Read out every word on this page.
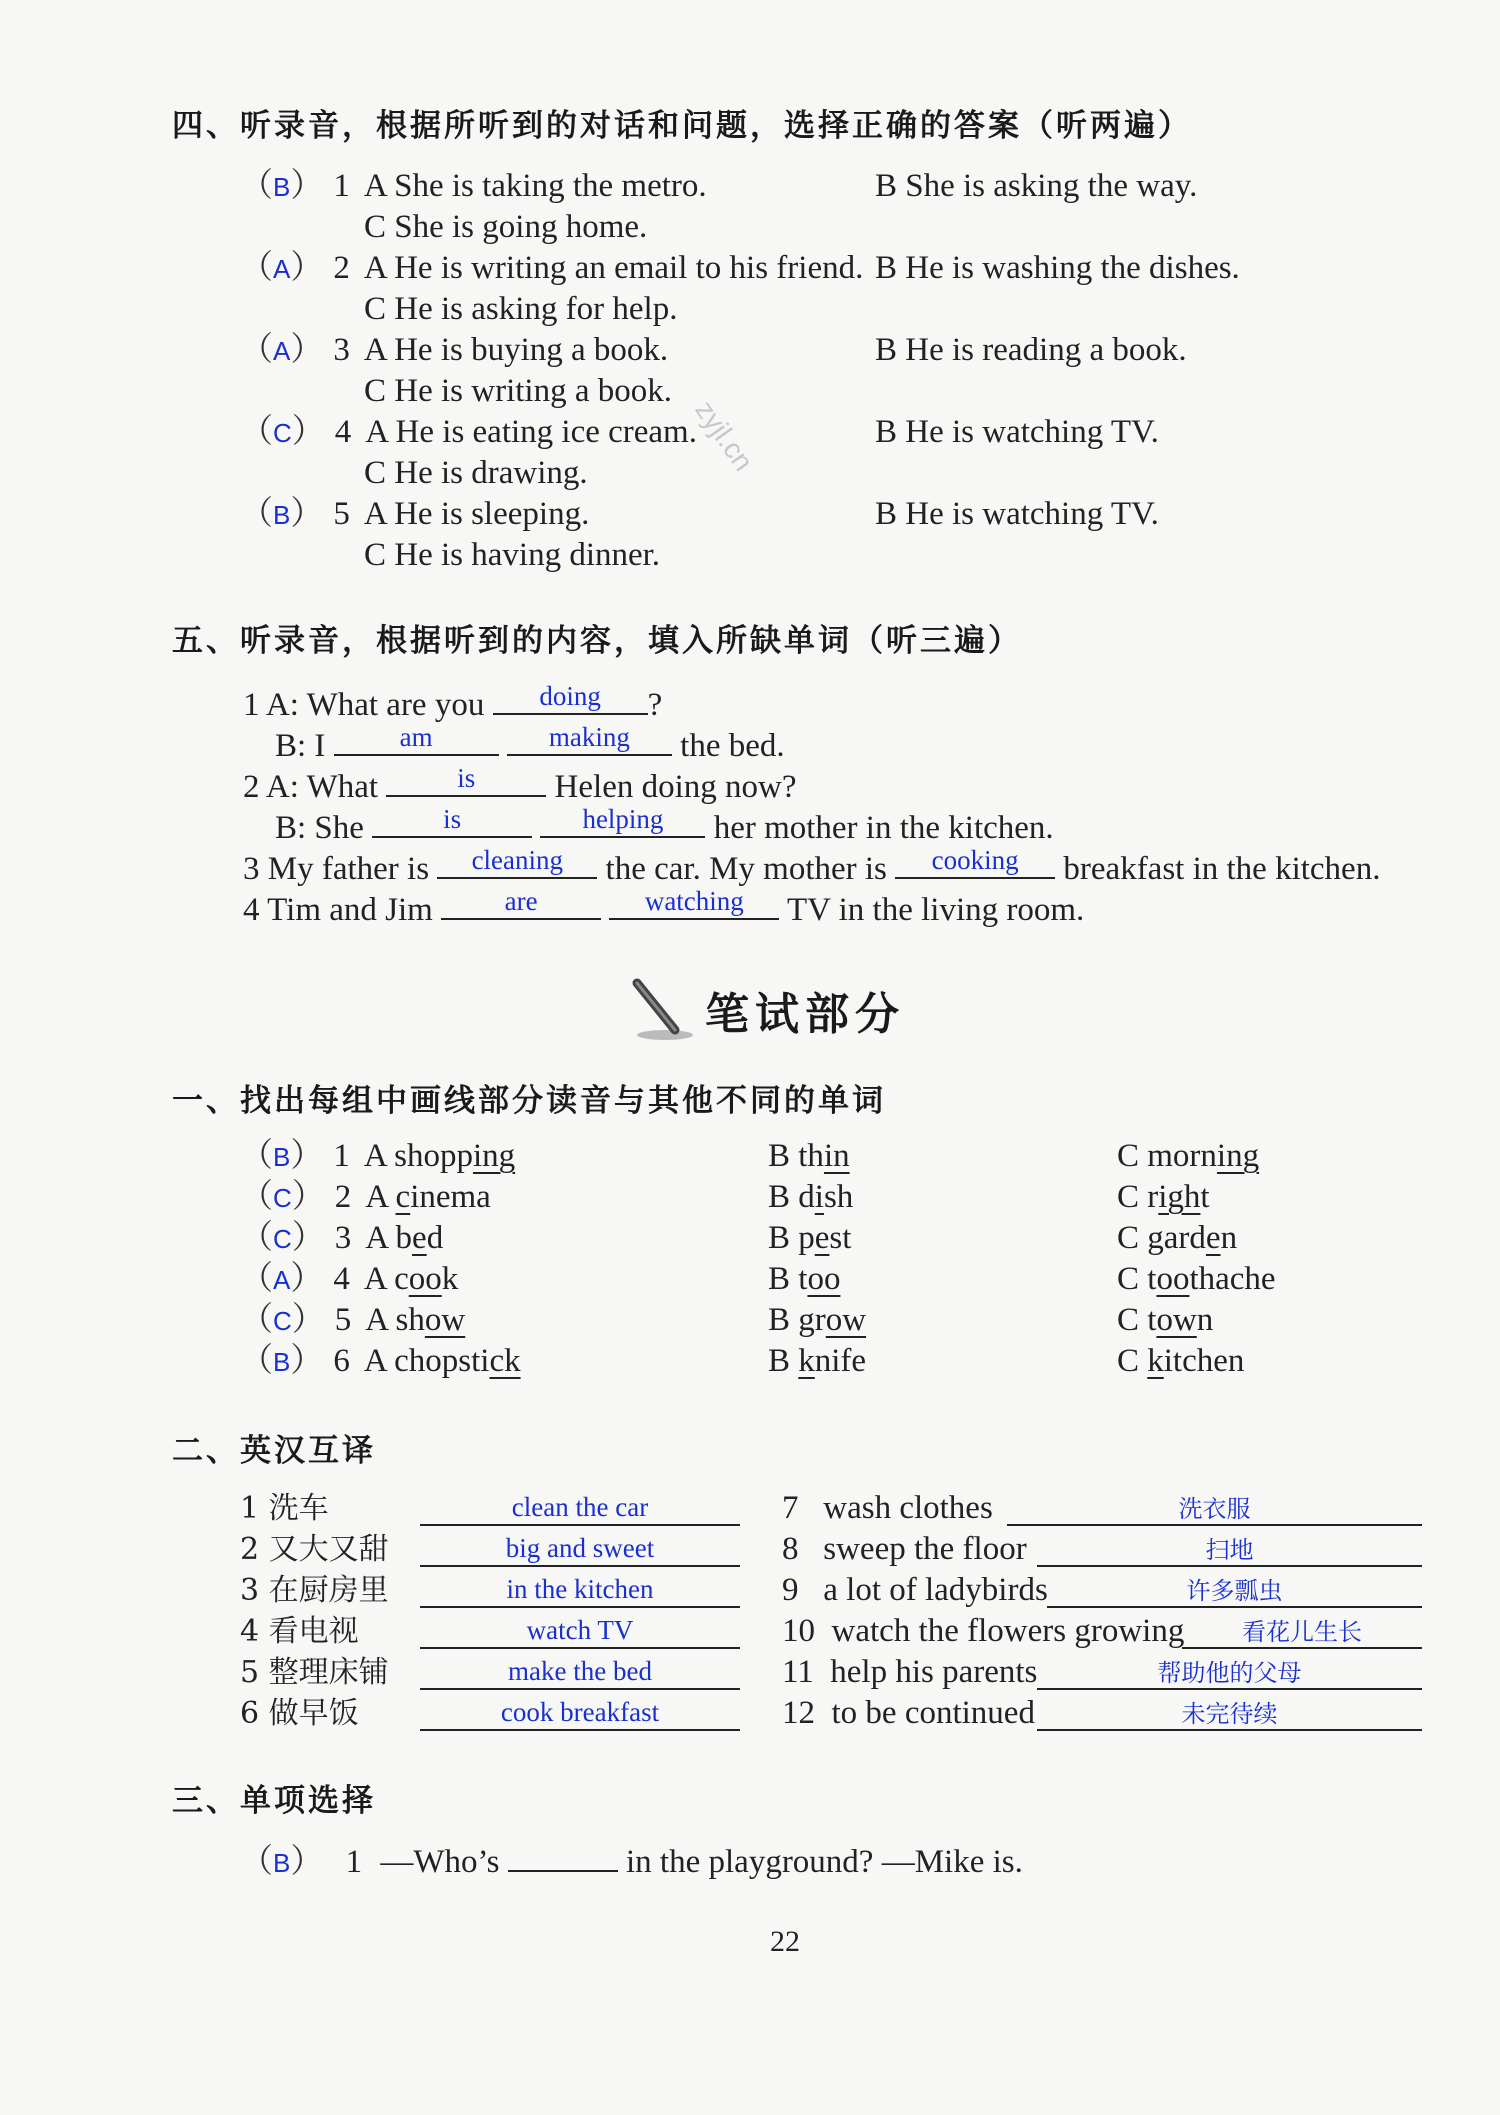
四、听录音，根据所听到的对话和问题，选择正确的答案（听两遍）
（B） 1 A She is taking the metro.	B She is asking the way.
C She is going home.
（A） 2 A He is writing an email to his friend. B He is washing the dishes.
C He is asking for help.
（A） 3 A He is buying a book.	B He is reading a book.
C He is writing a book.
（C） 4 A He is eating ice cream.	B He is watching TV.
C He is drawing.
（B） 5 A He is sleeping.	B He is watching TV.
C He is having dinner.
zyjl.cn
五、听录音，根据听到的内容，填入所缺单词（听三遍）
1 A: What are you	doing	?
B: I	am
	making	the bed.
2 A: What	is	Helen doing now?
B: She	is
	helping	her mother in the kitchen.
3 My father is	cleaning	the car. My mother is	cooking	breakfast in the kitchen.
4 Tim and Jim	are
	watching	TV in the living room.
笔试部分
一、找出每组中画线部分读音与其他不同的单词
（B） 1 A shopping	B thin	C morning
（C） 2 A cinema	B dish	C right
（C） 3 A bed	B pest	C garden
（A） 4 A cook	B too	C toothache
（C） 5 A show	B grow	C town
（B） 6 A chopstick	B knife	C kitchen
二、英汉互译
1 洗车	clean the car
2 又大又甜	big and sweet
3 在厨房里	in the kitchen
4 看电视	watch TV
5 整理床铺	make the bed
6 做早饭	cook breakfast
7   wash clothes	洗衣服
8   sweep the floor	扫地
9   a lot of ladybirds	许多瓢虫
10  watch the flowers growing	看花儿生长
11  help his parents	帮助他的父母
12  to be continued	未完待续
三、单项选择
（B） 1 —Who’s	in the playground? —Mike is.
22
